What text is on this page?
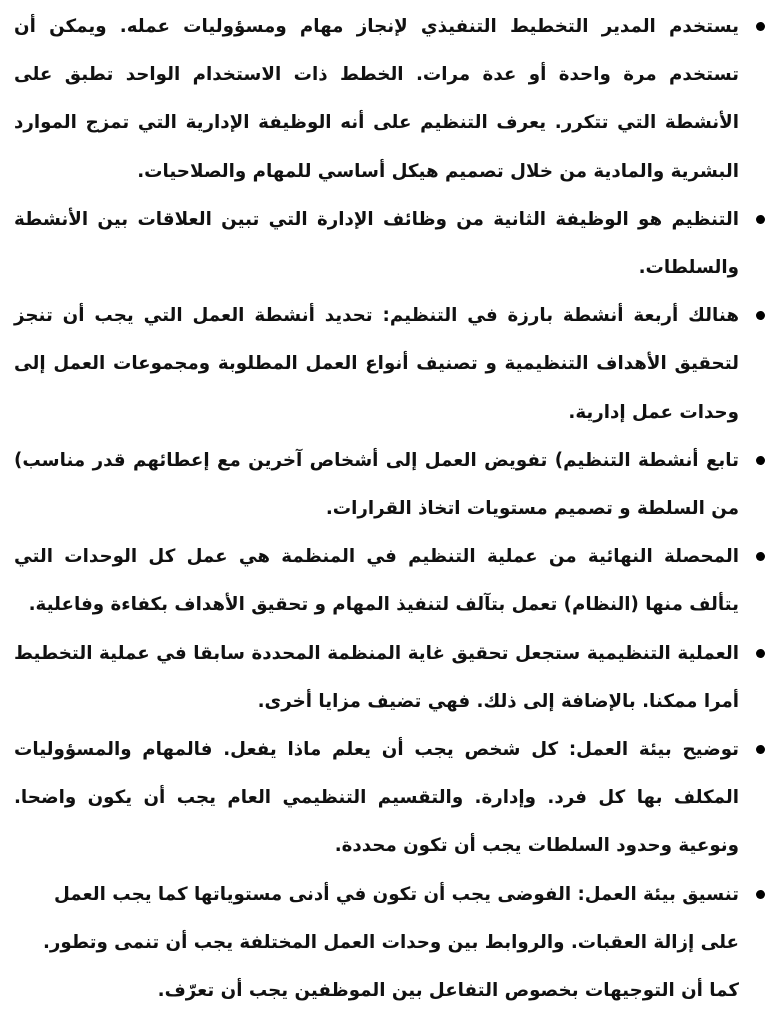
يستخدم المدير التخطيط التنفيذي لإنجاز مهام ومسؤوليات عمله. ويمكن أن تستخدم مرة واحدة أو عدة مرات. الخطط ذات الاستخدام الواحد تطبق على الأنشطة التي تتكرر. يعرف التنظيم على أنه الوظيفة الإدارية التي تمزج الموارد البشرية والمادية من خلال تصميم هيكل أساسي للمهام والصلاحيات.
التنظيم هو الوظيفة الثانية من وظائف الإدارة التي تبين العلاقات بين الأنشطة والسلطات.
هنالك أربعة أنشطة بارزة في التنظيم: تحديد أنشطة العمل التي يجب أن تنجز لتحقيق الأهداف التنظيمية و تصنيف أنواع العمل المطلوبة ومجموعات العمل إلى وحدات عمل إدارية.
تابع أنشطة التنظيم) تفويض العمل إلى أشخاص آخرين مع إعطائهم قدر مناسب) من السلطة و تصميم مستويات اتخاذ القرارات.
المحصلة النهائية من عملية التنظيم في المنظمة هي عمل كل الوحدات التي يتألف منها (النظام) تعمل بتآلف لتنفيذ المهام و تحقيق الأهداف بكفاءة وفاعلية.
العملية التنظيمية ستجعل تحقيق غاية المنظمة المحددة سابقا في عملية التخطيط أمرا ممكنا. بالإضافة إلى ذلك. فهي تضيف مزايا أخرى.
توضيح بيئة العمل: كل شخص يجب أن يعلم ماذا يفعل. فالمهام والمسؤوليات المكلف بها كل فرد. وإدارة. والتقسيم التنظيمي العام يجب أن يكون واضحا. ونوعية وحدود السلطات يجب أن تكون محددة.
تنسيق بيئة العمل: الفوضى يجب أن تكون في أدنى مستوياتها كما يجب العمل على إزالة العقبات. والروابط بين وحدات العمل المختلفة يجب أن تنمى وتطور. كما أن التوجيهات بخصوص التفاعل بين الموظفين يجب أن تعرّف.
